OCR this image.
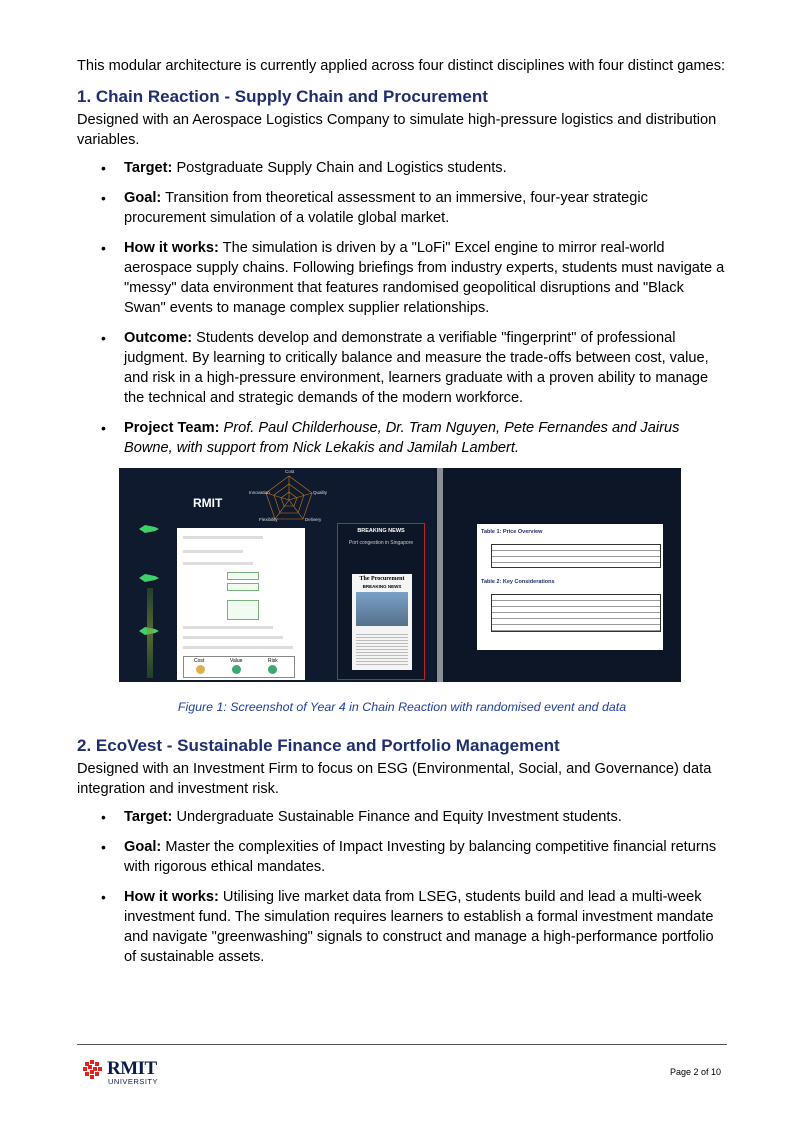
This modular architecture is currently applied across four distinct disciplines with four distinct games:

1. Chain Reaction - Supply Chain and Procurement

Designed with an Aerospace Logistics Company to simulate high-pressure logistics and distribution variables.

• Target: Postgraduate Supply Chain and Logistics students.
• Goal: Transition from theoretical assessment to an immersive, four-year strategic procurement simulation of a volatile global market.
• How it works: The simulation is driven by a "LoFi" Excel engine to mirror real-world aerospace supply chains. Following briefings from industry experts, students must navigate a "messy" data environment that features randomised geopolitical disruptions and "Black Swan" events to manage complex supplier relationships.
• Outcome: Students develop and demonstrate a verifiable "fingerprint" of professional judgment. By learning to critically balance and measure the trade-offs between cost, value, and risk in a high-pressure environment, learners graduate with a proven ability to manage the technical and strategic demands of the modern workforce.
• Project Team: Prof. Paul Childerhouse, Dr. Tram Nguyen, Pete Fernandes and Jairus Bowne, with support from Nick Lekakis and Jamilah Lambert.
Cost
Quality
Delivery
Flexibility
Innovation
RMIT
Cost	Value	Risk
BREAKING NEWS
Port congestion in Singapore
The Procurement
BREAKING NEWS
Table 1: Price Overview
Table 2: Key Considerations
Figure 1: Screenshot of Year 4 in Chain Reaction with randomised event and data
2. EcoVest - Sustainable Finance and Portfolio Management

Designed with an Investment Firm to focus on ESG (Environmental, Social, and Governance) data integration and investment risk.

• Target: Undergraduate Sustainable Finance and Equity Investment students.
• Goal: Master the complexities of Impact Investing by balancing competitive financial returns with rigorous ethical mandates.
• How it works: Utilising live market data from LSEG, students build and lead a multi-week investment fund. The simulation requires learners to establish a formal investment mandate and navigate "greenwashing" signals to construct and manage a high-performance portfolio of sustainable assets.
RMIT
UNIVERSITY
Page 2 of 10
